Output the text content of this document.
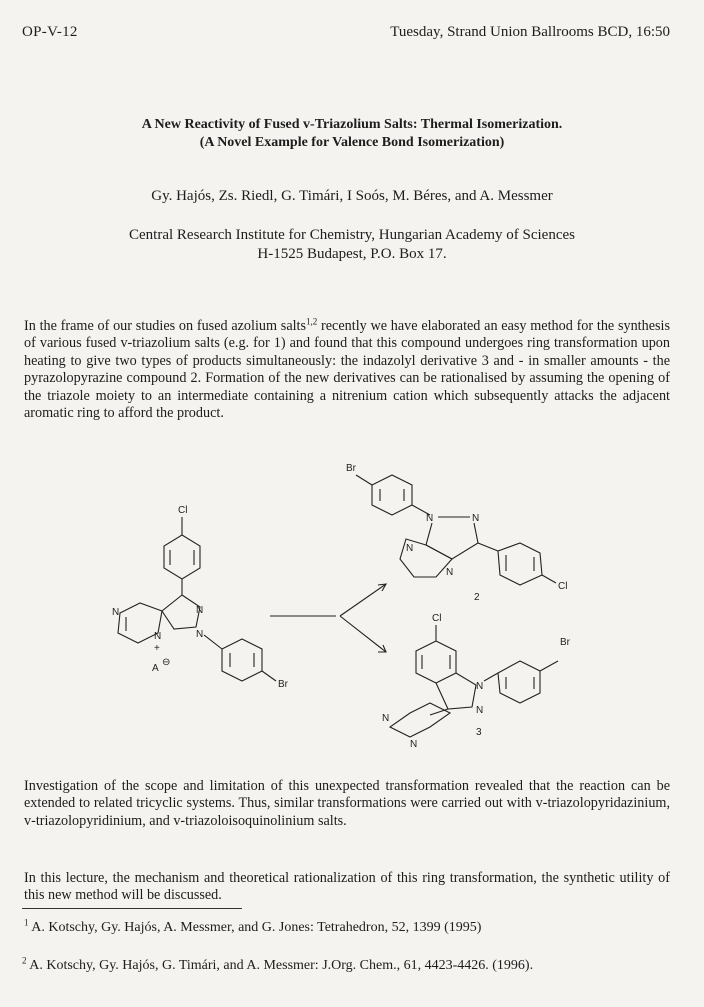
OP-V-12	Tuesday, Strand Union Ballrooms BCD, 16:50
A New Reactivity of Fused v-Triazolium Salts: Thermal Isomerization.
(A Novel Example for Valence Bond Isomerization)
Gy. Hajós, Zs. Riedl, G. Timári, I Soós, M. Béres, and A. Messmer
Central Research Institute for Chemistry, Hungarian Academy of Sciences
H-1525 Budapest, P.O. Box 17.
In the frame of our studies on fused azolium salts$^{1,2}$ recently we have elaborated an easy method for the synthesis of various fused v-triazolium salts (e.g. for 1) and found that this compound undergoes ring transformation upon heating to give two types of products simultaneously: the indazolyl derivative 3 and - in smaller amounts - the pyrazolopyrazine compound 2. Formation of the new derivatives can be rationalised by assuming the opening of the triazole moiety to an intermediate containing a nitrenium cation which subsequently attacks the adjacent aromatic ring to afford the product.
Cl
N	N
N	N
+
A
⊖
Br
Br
N	N
N
N
Cl
2
Cl
N
N
Br
N
N
3
Investigation of the scope and limitation of this unexpected transformation revealed that the reaction can be extended to related tricyclic systems. Thus, similar transformations were carried out with v-triazolopyridazinium, v-triazolopyridinium, and v-triazoloisoquinolinium salts.
In this lecture, the mechanism and theoretical rationalization of this ring transformation, the synthetic utility of this new method will be discussed.
$^1$ A. Kotschy, Gy. Hajós, A. Messmer, and G. Jones: Tetrahedron, 52, 1399 (1995)
$^2$ A. Kotschy, Gy. Hajós, G. Timári, and A. Messmer: J.Org. Chem., 61, 4423-4426. (1996).
